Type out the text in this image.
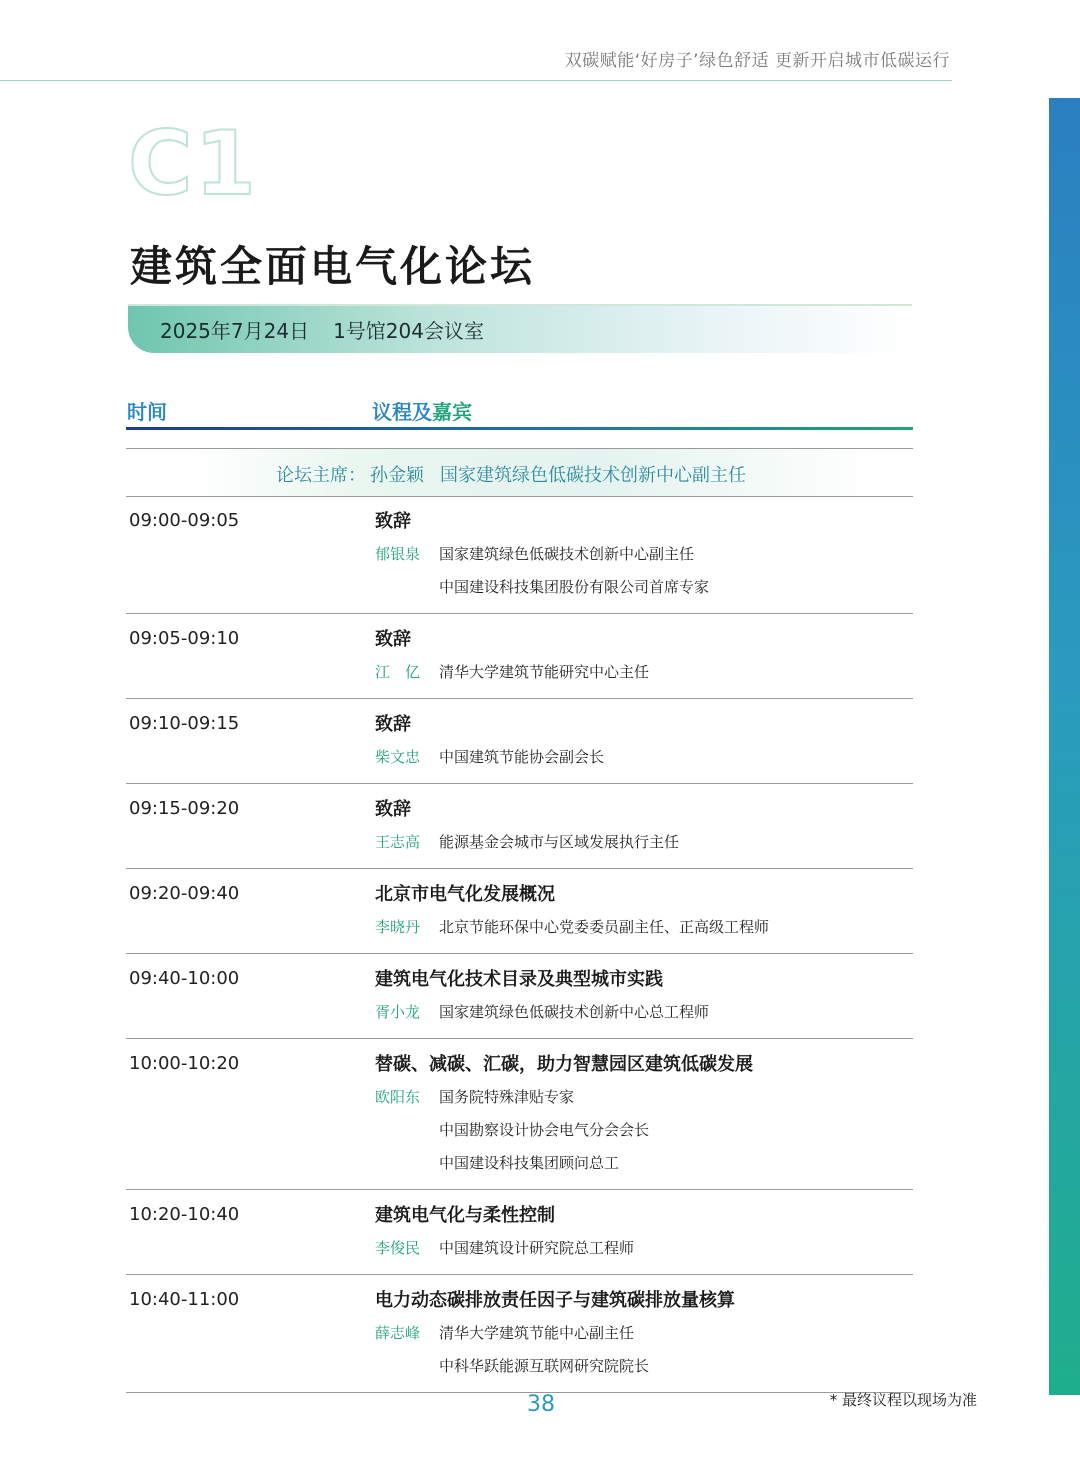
双碳赋能‘好房子’绿色舒适 更新开启城市低碳运行
C1
建筑全面电气化论坛
2025年7月24日 1号馆204会议室
时间	议程及嘉宾
论坛主席： 孙金颖 国家建筑绿色低碳技术创新中心副主任
09:00-09:05	致辞
郁银泉	国家建筑绿色低碳技术创新中心副主任
中国建设科技集团股份有限公司首席专家
09:05-09:10	致辞
江　亿	清华大学建筑节能研究中心主任
09:10-09:15	致辞
柴文忠	中国建筑节能协会副会长
09:15-09:20	致辞
王志高	能源基金会城市与区域发展执行主任
09:20-09:40	北京市电气化发展概况
李晓丹	北京节能环保中心党委委员副主任、正高级工程师
09:40-10:00	建筑电气化技术目录及典型城市实践
胥小龙	国家建筑绿色低碳技术创新中心总工程师
10:00-10:20	替碳、减碳、汇碳，助力智慧园区建筑低碳发展
欧阳东	国务院特殊津贴专家
中国勘察设计协会电气分会会长
中国建设科技集团顾问总工
10:20-10:40	建筑电气化与柔性控制
李俊民	中国建筑设计研究院总工程师
10:40-11:00	电力动态碳排放责任因子与建筑碳排放量核算
薛志峰	清华大学建筑节能中心副主任
中科华跃能源互联网研究院院长
38	* 最终议程以现场为准
